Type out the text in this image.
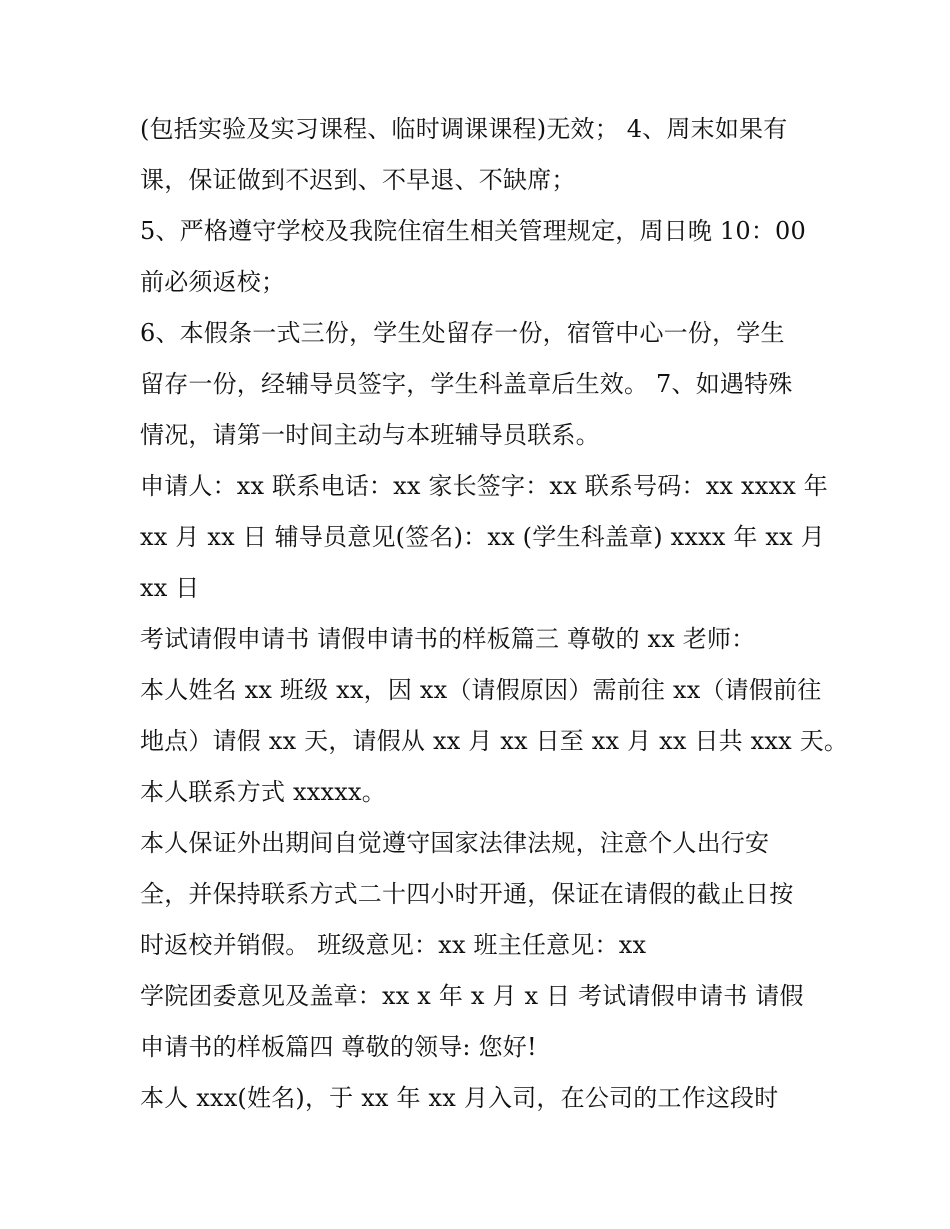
(包括实验及实习课程、临时调课课程)无效； 4、周末如果有
课，保证做到不迟到、不早退、不缺席；
5、严格遵守学校及我院住宿生相关管理规定，周日晚 10：00
前必须返校；
6、本假条一式三份，学生处留存一份，宿管中心一份，学生
留存一份，经辅导员签字，学生科盖章后生效。 7、如遇特殊
情况，请第一时间主动与本班辅导员联系。
申请人：xx 联系电话：xx 家长签字：xx 联系号码：xx xxxx 年
xx 月 xx 日 辅导员意见(签名)：xx (学生科盖章) xxxx 年 xx 月
xx 日
考试请假申请书 请假申请书的样板篇三 尊敬的 xx 老师：
本人姓名 xx 班级 xx，因 xx（请假原因）需前往 xx（请假前往
地点）请假 xx 天，请假从 xx 月 xx 日至 xx 月 xx 日共 xxx 天。
本人联系方式 xxxxx。
本人保证外出期间自觉遵守国家法律法规，注意个人出行安
全，并保持联系方式二十四小时开通，保证在请假的截止日按
时返校并销假。 班级意见：xx 班主任意见：xx
学院团委意见及盖章：xx x 年 x 月 x 日 考试请假申请书 请假
申请书的样板篇四 尊敬的领导: 您好!
本人 xxx(姓名)，于 xx 年 xx 月入司，在公司的工作这段时
